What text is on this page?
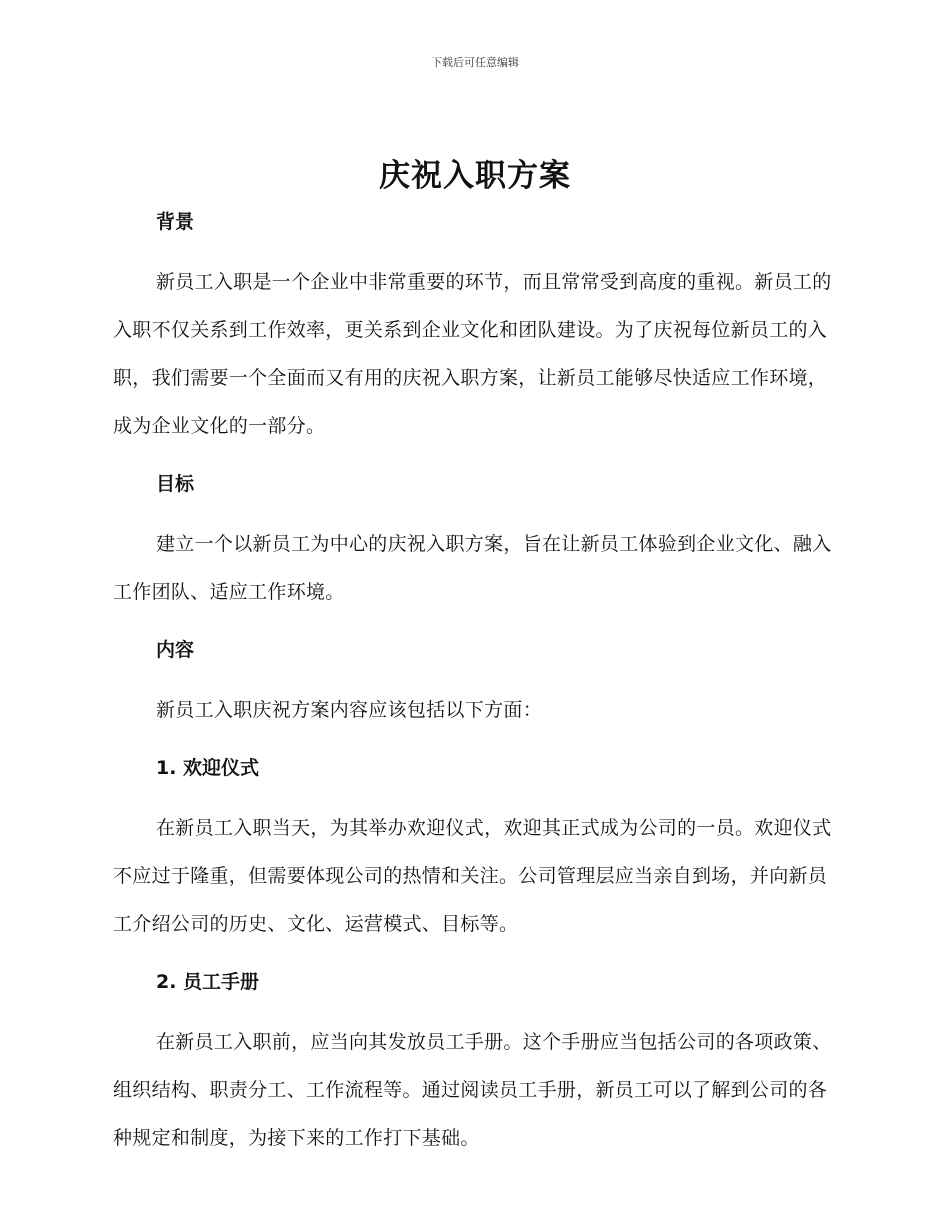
下载后可任意编辑
庆祝入职方案
背景

新员工入职是一个企业中非常重要的环节，而且常常受到高度的重视。新员工的入职不仅关系到工作效率，更关系到企业文化和团队建设。为了庆祝每位新员工的入职，我们需要一个全面而又有用的庆祝入职方案，让新员工能够尽快适应工作环境，成为企业文化的一部分。

目标

建立一个以新员工为中心的庆祝入职方案，旨在让新员工体验到企业文化、融入工作团队、适应工作环境。

内容

新员工入职庆祝方案内容应该包括以下方面：

1. 欢迎仪式

在新员工入职当天，为其举办欢迎仪式，欢迎其正式成为公司的一员。欢迎仪式不应过于隆重，但需要体现公司的热情和关注。公司管理层应当亲自到场，并向新员工介绍公司的历史、文化、运营模式、目标等。

2. 员工手册

在新员工入职前，应当向其发放员工手册。这个手册应当包括公司的各项政策、组织结构、职责分工、工作流程等。通过阅读员工手册，新员工可以了解到公司的各种规定和制度，为接下来的工作打下基础。
